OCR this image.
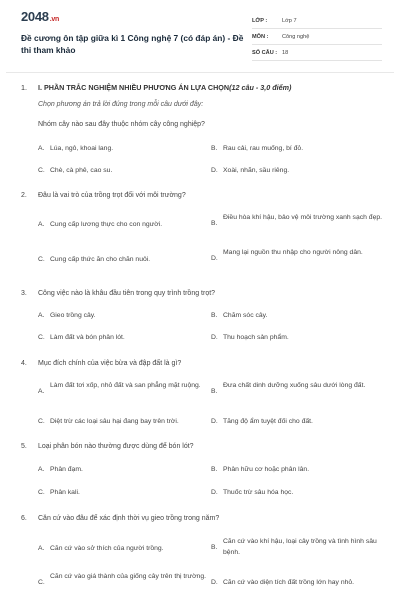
2048.vn
Đề cương ôn tập giữa kì 1 Công nghệ 7 (có đáp án) - Đề thi tham khảo
LỚP :	Lớp 7
MÔN :	Công nghệ
SỐ CÂU : 18
1. I. PHẦN TRẮC NGHIỆM NHIỀU PHƯƠNG ÁN LỰA CHỌN(12 câu - 3,0 điểm)
Chọn phương án trả lời đúng trong mỗi câu dưới đây:
Nhóm cây nào sau đây thuộc nhóm cây công nghiệp?
A. Lúa, ngô, khoai lang.	B. Rau cải, rau muống, bí đỏ.
C. Chè, cà phê, cao su.	D. Xoài, nhãn, sầu riêng.
2. Đâu là vai trò của trồng trọt đối với môi trường?
A. Cung cấp lương thực cho con người.	B.
Điều hòa khí hậu, bảo vệ môi trường xanh sạch đẹp.
C. Cung cấp thức ăn cho chăn nuôi.	D.
Mang lại nguồn thu nhập cho người nông dân.
3. Công việc nào là khâu đầu tiên trong quy trình trồng trọt?
A. Gieo trồng cây.	B. Chăm sóc cây.
C. Làm đất và bón phân lót.	D. Thu hoạch sản phẩm.
4. Mục đích chính của việc bừa và đập đất là gì?
A.
Làm đất tơi xốp, nhỏ đất và san phẳng mặt ruộng.
B.
Đưa chất dinh dưỡng xuống sâu dưới lòng đất.
C. Diệt trừ các loại sâu hại đang bay trên trời.	D. Tăng độ ẩm tuyệt đối cho đất.
5. Loại phân bón nào thường được dùng để bón lót?
A. Phân đạm.	B. Phân hữu cơ hoặc phân lân.
C. Phân kali.	D. Thuốc trừ sâu hóa học.
6. Căn cứ vào đâu để xác định thời vụ gieo trồng trong năm?
A. Căn cứ vào sở thích của người trồng.	B.
Căn cứ vào khí hậu, loại cây trồng và tình hình sâu bệnh.
C.
Căn cứ vào giá thành của giống cây trên thị trường.
D. Căn cứ vào diện tích đất trồng lớn hay nhỏ.
